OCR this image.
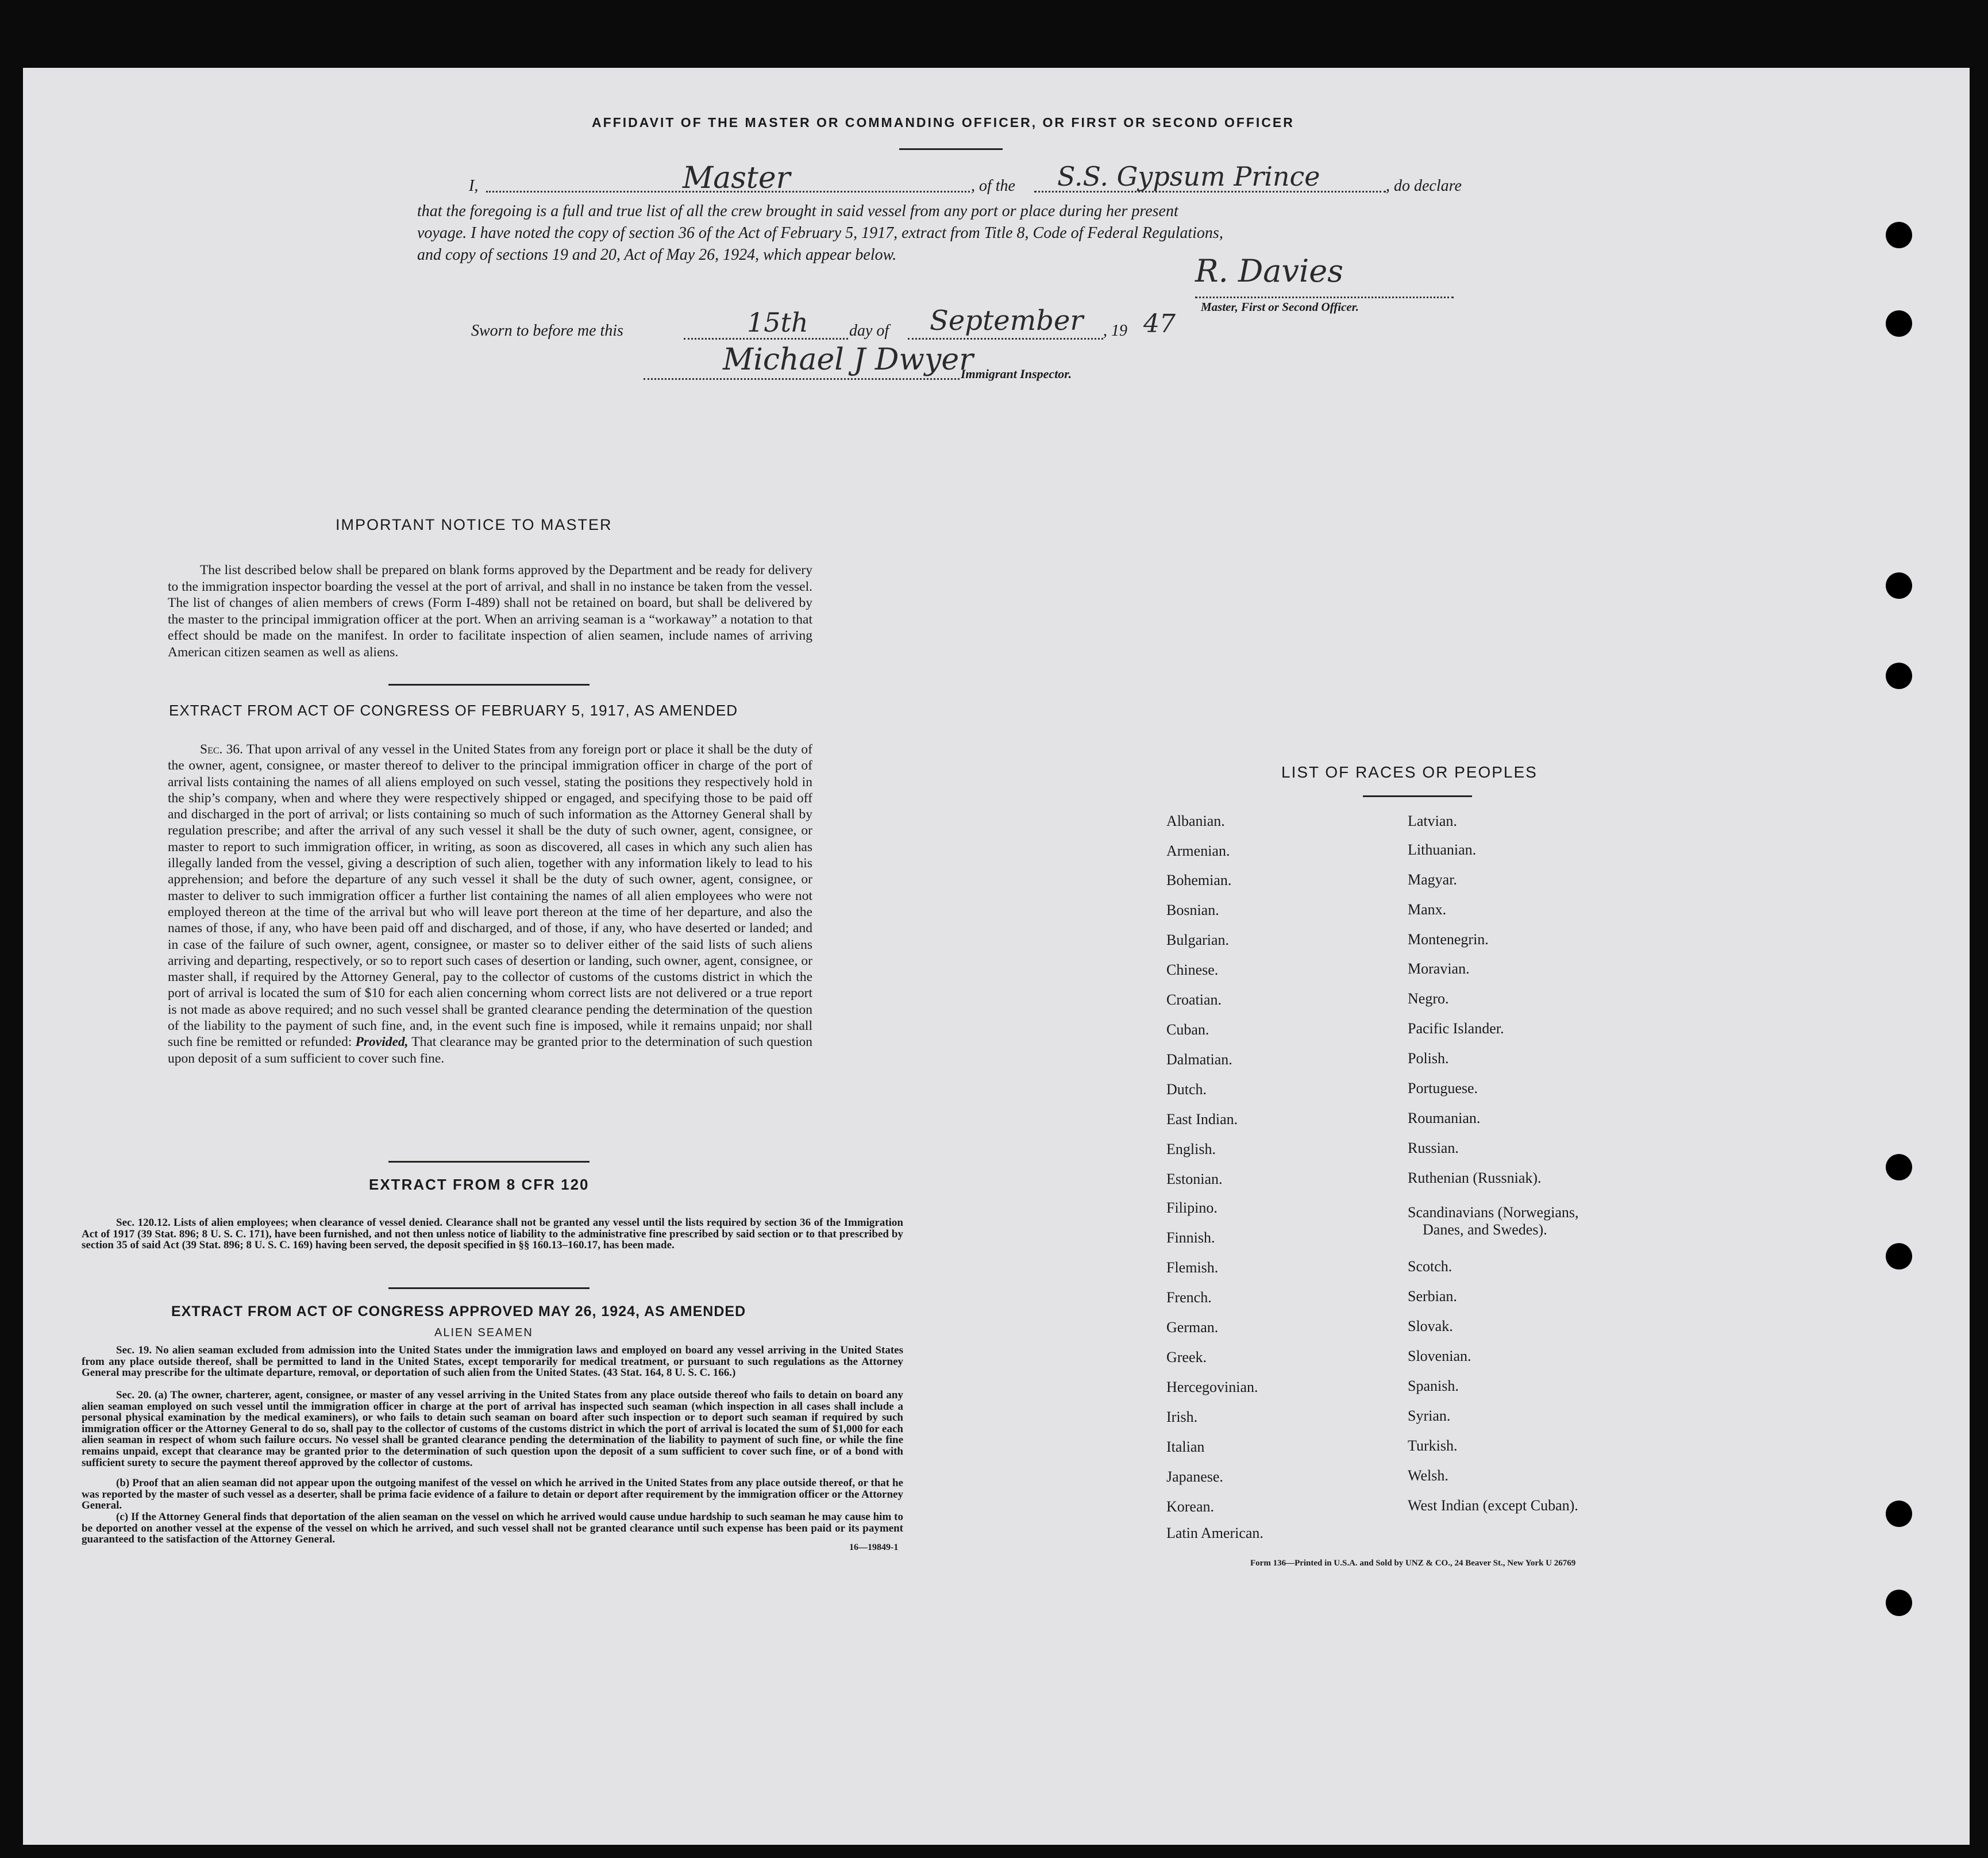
AFFIDAVIT OF THE MASTER OR COMMANDING OFFICER, OR FIRST OR SECOND OFFICER
I,	Master	, of the S.S. Gypsum Prince	, do declare
that the foregoing is a full and true list of all the crew brought in said vessel from any port or place during her present
voyage. I have noted the copy of section 36 of the Act of February 5, 1917, extract from Title 8, Code of Federal Regulations,
and copy of sections 19 and 20, Act of May 26, 1924, which appear below.	R. Davies
Master, First or Second Officer.
Sworn to before me this	15th	day of September , 19 47
Michael J Dwyer
Immigrant Inspector.
IMPORTANT NOTICE TO MASTER
The list described below shall be prepared on blank forms approved by the Department and be ready for delivery to the immigration inspector boarding the vessel at the port of arrival, and shall in no instance be taken from the vessel. The list of changes of alien members of crews (Form I-489) shall not be retained on board, but shall be delivered by the master to the principal immigration officer at the port. When an arriving seaman is a “workaway” a notation to that effect should be made on the manifest. In order to facilitate inspection of alien seamen, include names of arriving American citizen seamen as well as aliens.
EXTRACT FROM ACT OF CONGRESS OF FEBRUARY 5, 1917, AS AMENDED
Sec. 36. That upon arrival of any vessel in the United States from any foreign port or place it shall be the duty of the owner, agent, consignee, or master thereof to deliver to the principal immigration officer in charge of the port of arrival lists containing the names of all aliens employed on such vessel, stating the positions they respectively hold in the ship’s company, when and where they were respectively shipped or engaged, and specifying those to be paid off and discharged in the port of arrival; or lists containing so much of such information as the Attorney General shall by regulation prescribe; and after the arrival of any such vessel it shall be the duty of such owner, agent, consignee, or master to report to such immigration officer, in writing, as soon as discovered, all cases in which any such alien has illegally landed from the vessel, giving a description of such alien, together with any information likely to lead to his apprehension; and before the departure of any such vessel it shall be the duty of such owner, agent, consignee, or master to deliver to such immigration officer a further list containing the names of all alien employees who were not employed thereon at the time of the arrival but who will leave port thereon at the time of her departure, and also the names of those, if any, who have been paid off and discharged, and of those, if any, who have deserted or landed; and in case of the failure of such owner, agent, consignee, or master so to deliver either of the said lists of such aliens arriving and departing, respectively, or so to report such cases of desertion or landing, such owner, agent, consignee, or master shall, if required by the Attorney General, pay to the collector of customs of the customs district in which the port of arrival is located the sum of $10 for each alien concerning whom correct lists are not delivered or a true report is not made as above required; and no such vessel shall be granted clearance pending the determination of the question of the liability to the payment of such fine, and, in the event such fine is imposed, while it remains unpaid; nor shall such fine be remitted or refunded: Provided, That clearance may be granted prior to the determination of such question upon deposit of a sum sufficient to cover such fine.
EXTRACT FROM 8 CFR 120
Sec. 120.12. Lists of alien employees; when clearance of vessel denied. Clearance shall not be granted any vessel until the lists required by section 36 of the Immigration Act of 1917 (39 Stat. 896; 8 U. S. C. 171), have been furnished, and not then unless notice of liability to the administrative fine prescribed by said section or to that prescribed by section 35 of said Act (39 Stat. 896; 8 U. S. C. 169) having been served, the deposit specified in §§ 160.13–160.17, has been made.
EXTRACT FROM ACT OF CONGRESS APPROVED MAY 26, 1924, AS AMENDED
ALIEN SEAMEN
Sec. 19. No alien seaman excluded from admission into the United States under the immigration laws and employed on board any vessel arriving in the United States from any place outside thereof, shall be permitted to land in the United States, except temporarily for medical treatment, or pursuant to such regulations as the Attorney General may prescribe for the ultimate departure, removal, or deportation of such alien from the United States. (43 Stat. 164, 8 U. S. C. 166.)
Sec. 20. (a) The owner, charterer, agent, consignee, or master of any vessel arriving in the United States from any place outside thereof who fails to detain on board any alien seaman employed on such vessel until the immigration officer in charge at the port of arrival has inspected such seaman (which inspection in all cases shall include a personal physical examination by the medical examiners), or who fails to detain such seaman on board after such inspection or to deport such seaman if required by such immigration officer or the Attorney General to do so, shall pay to the collector of customs of the customs district in which the port of arrival is located the sum of $1,000 for each alien seaman in respect of whom such failure occurs. No vessel shall be granted clearance pending the determination of the liability to payment of such fine, or while the fine remains unpaid, except that clearance may be granted prior to the determination of such question upon the deposit of a sum sufficient to cover such fine, or of a bond with sufficient surety to secure the payment thereof approved by the collector of customs.
(b) Proof that an alien seaman did not appear upon the outgoing manifest of the vessel on which he arrived in the United States from any place outside thereof, or that he was reported by the master of such vessel as a deserter, shall be prima facie evidence of a failure to detain or deport after requirement by the immigration officer or the Attorney General.
(c) If the Attorney General finds that deportation of the alien seaman on the vessel on which he arrived would cause undue hardship to such seaman he may cause him to be deported on another vessel at the expense of the vessel on which he arrived, and such vessel shall not be granted clearance until such expense has been paid or its payment guaranteed to the satisfaction of the Attorney General.
16—19849-1
LIST OF RACES OR PEOPLES
Albanian.
Armenian.
Bohemian.
Bosnian.
Bulgarian.
Chinese.
Croatian.
Cuban.
Dalmatian.
Dutch.
East Indian.
English.
Estonian.
Filipino.
Finnish.
Flemish.
French.
German.
Greek.
Hercegovinian.
Irish.
Italian
Japanese.
Korean.
Latin American.
Latvian.
Lithuanian.
Magyar.
Manx.
Montenegrin.
Moravian.
Negro.
Pacific Islander.
Polish.
Portuguese.
Roumanian.
Russian.
Ruthenian (Russniak).
Scandinavians (Norwegians,
Danes, and Swedes).
Scotch.
Serbian.
Slovak.
Slovenian.
Spanish.
Syrian.
Turkish.
Welsh.
West Indian (except Cuban).
Form 136—Printed in U.S.A. and Sold by UNZ & CO., 24 Beaver St., New York U 26769
